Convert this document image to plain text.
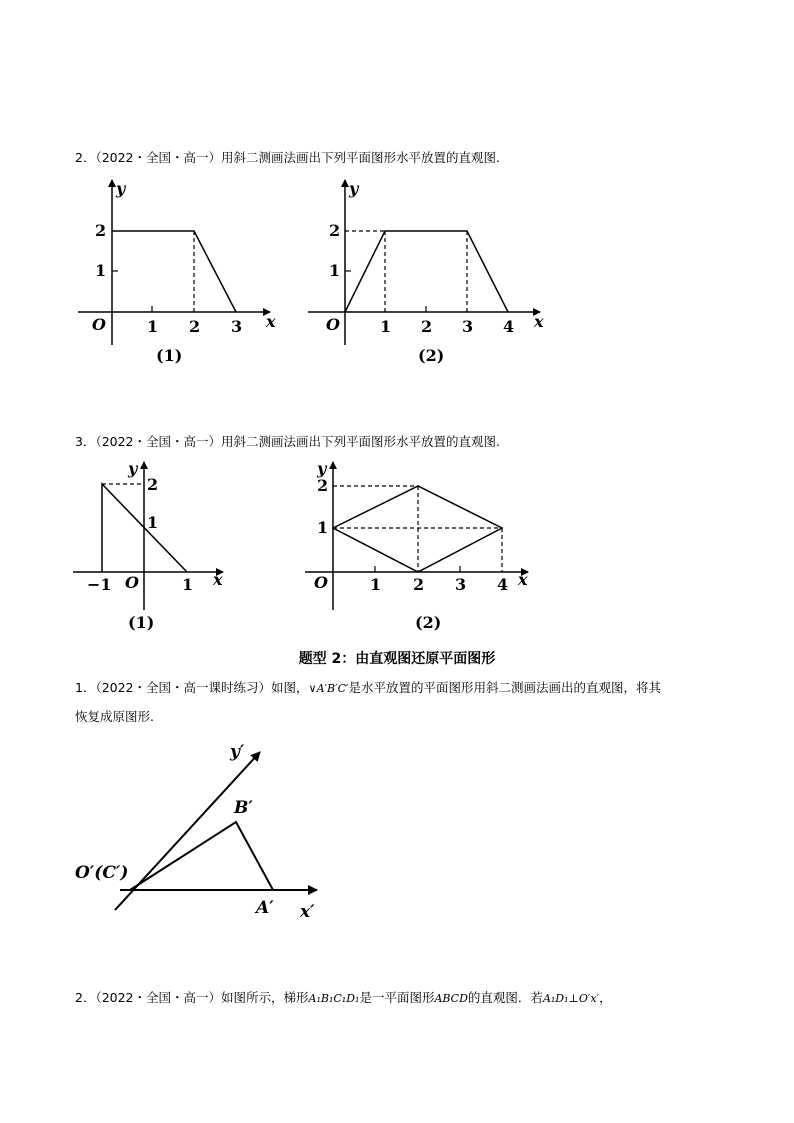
2．（2022・全国・高一）用斜二测画法画出下列平面图形水平放置的直观图.
y
x
2
1
O	1 2 3
(1)
y
x
2
1
O	1 2 3 4
(2)
3．（2022・全国・高一）用斜二测画法画出下列平面图形水平放置的直观图.
y
x
2
1
O
−1	1
(1)
y
x
2
1
O	1 2 3 4
(2)
题型 2：由直观图还原平面图形
1．（2022・全国・高一课时练习）如图，∨A′B′C′是水平放置的平面图形用斜二测画法画出的直观图，将其
恢复成原图形.
y′
B′
O′(C′)
A′ x′
2．（2022・全国・高一）如图所示，梯形A₁B₁C₁D₁是一平面图形ABCD的直观图．若A₁D₁⊥O′x′，
